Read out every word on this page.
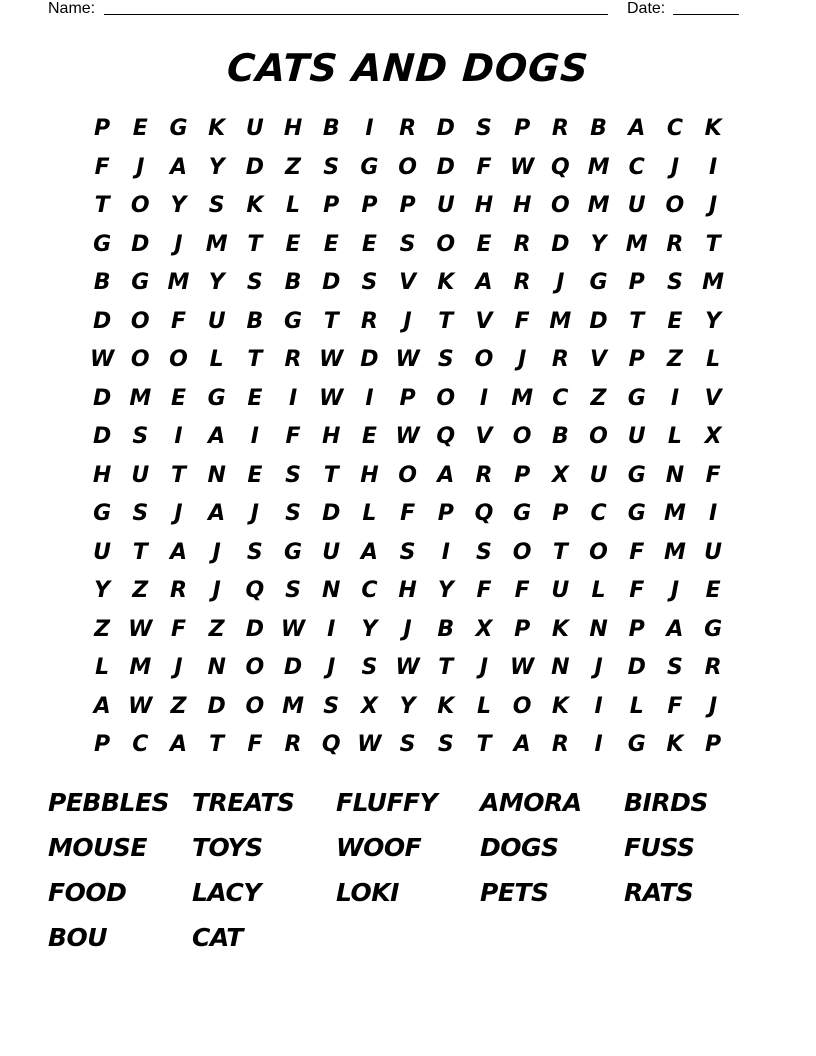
Name:	Date:
CATS AND DOGS
P	E G K U H B	I	R D S	P R B A C K
F	J	A Y D Z	S G O D F W Q M C	J	I
T O Y	S K	L	P	P	P U H H O M U O	J
G D	J	M T	E	E	E	S O E	R D Y M R	T
B G M Y	S B D S V K A R	J	G P	S M
D O F U B G T	R	J	T	V	F M D T	E	Y
W O O L	T	R W D W S O	J	R V P	Z	L
D M E G E	I W I	P O	I	M C	Z G	I	V
D S	I	A	I	F H E W Q V O B O U	L	X
H U T N E	S	T H O A R P X U G N F
G S	J	A	J	S D	L	F	P Q G P	C G M	I
U T	A	J	S G U A S	I	S O T O F M U
Y	Z R	J	Q S N C H Y	F	F U	L	F	J	E
Z W F	Z D W I	Y	J	B X P K N P A G
L M	J	N O D	J	S W T	J W N	J	D S R
A W Z D O M S X Y K	L O K	I	L	F	J
P	C A	T	F	R Q W S	S	T	A R	I	G K P
PEBBLES TREATS	FLUFFY	AMORA	BIRDS
MOUSE	TOYS	WOOF	DOGS	FUSS
FOOD	LACY	LOKI	PETS	RATS
BOU	CAT
